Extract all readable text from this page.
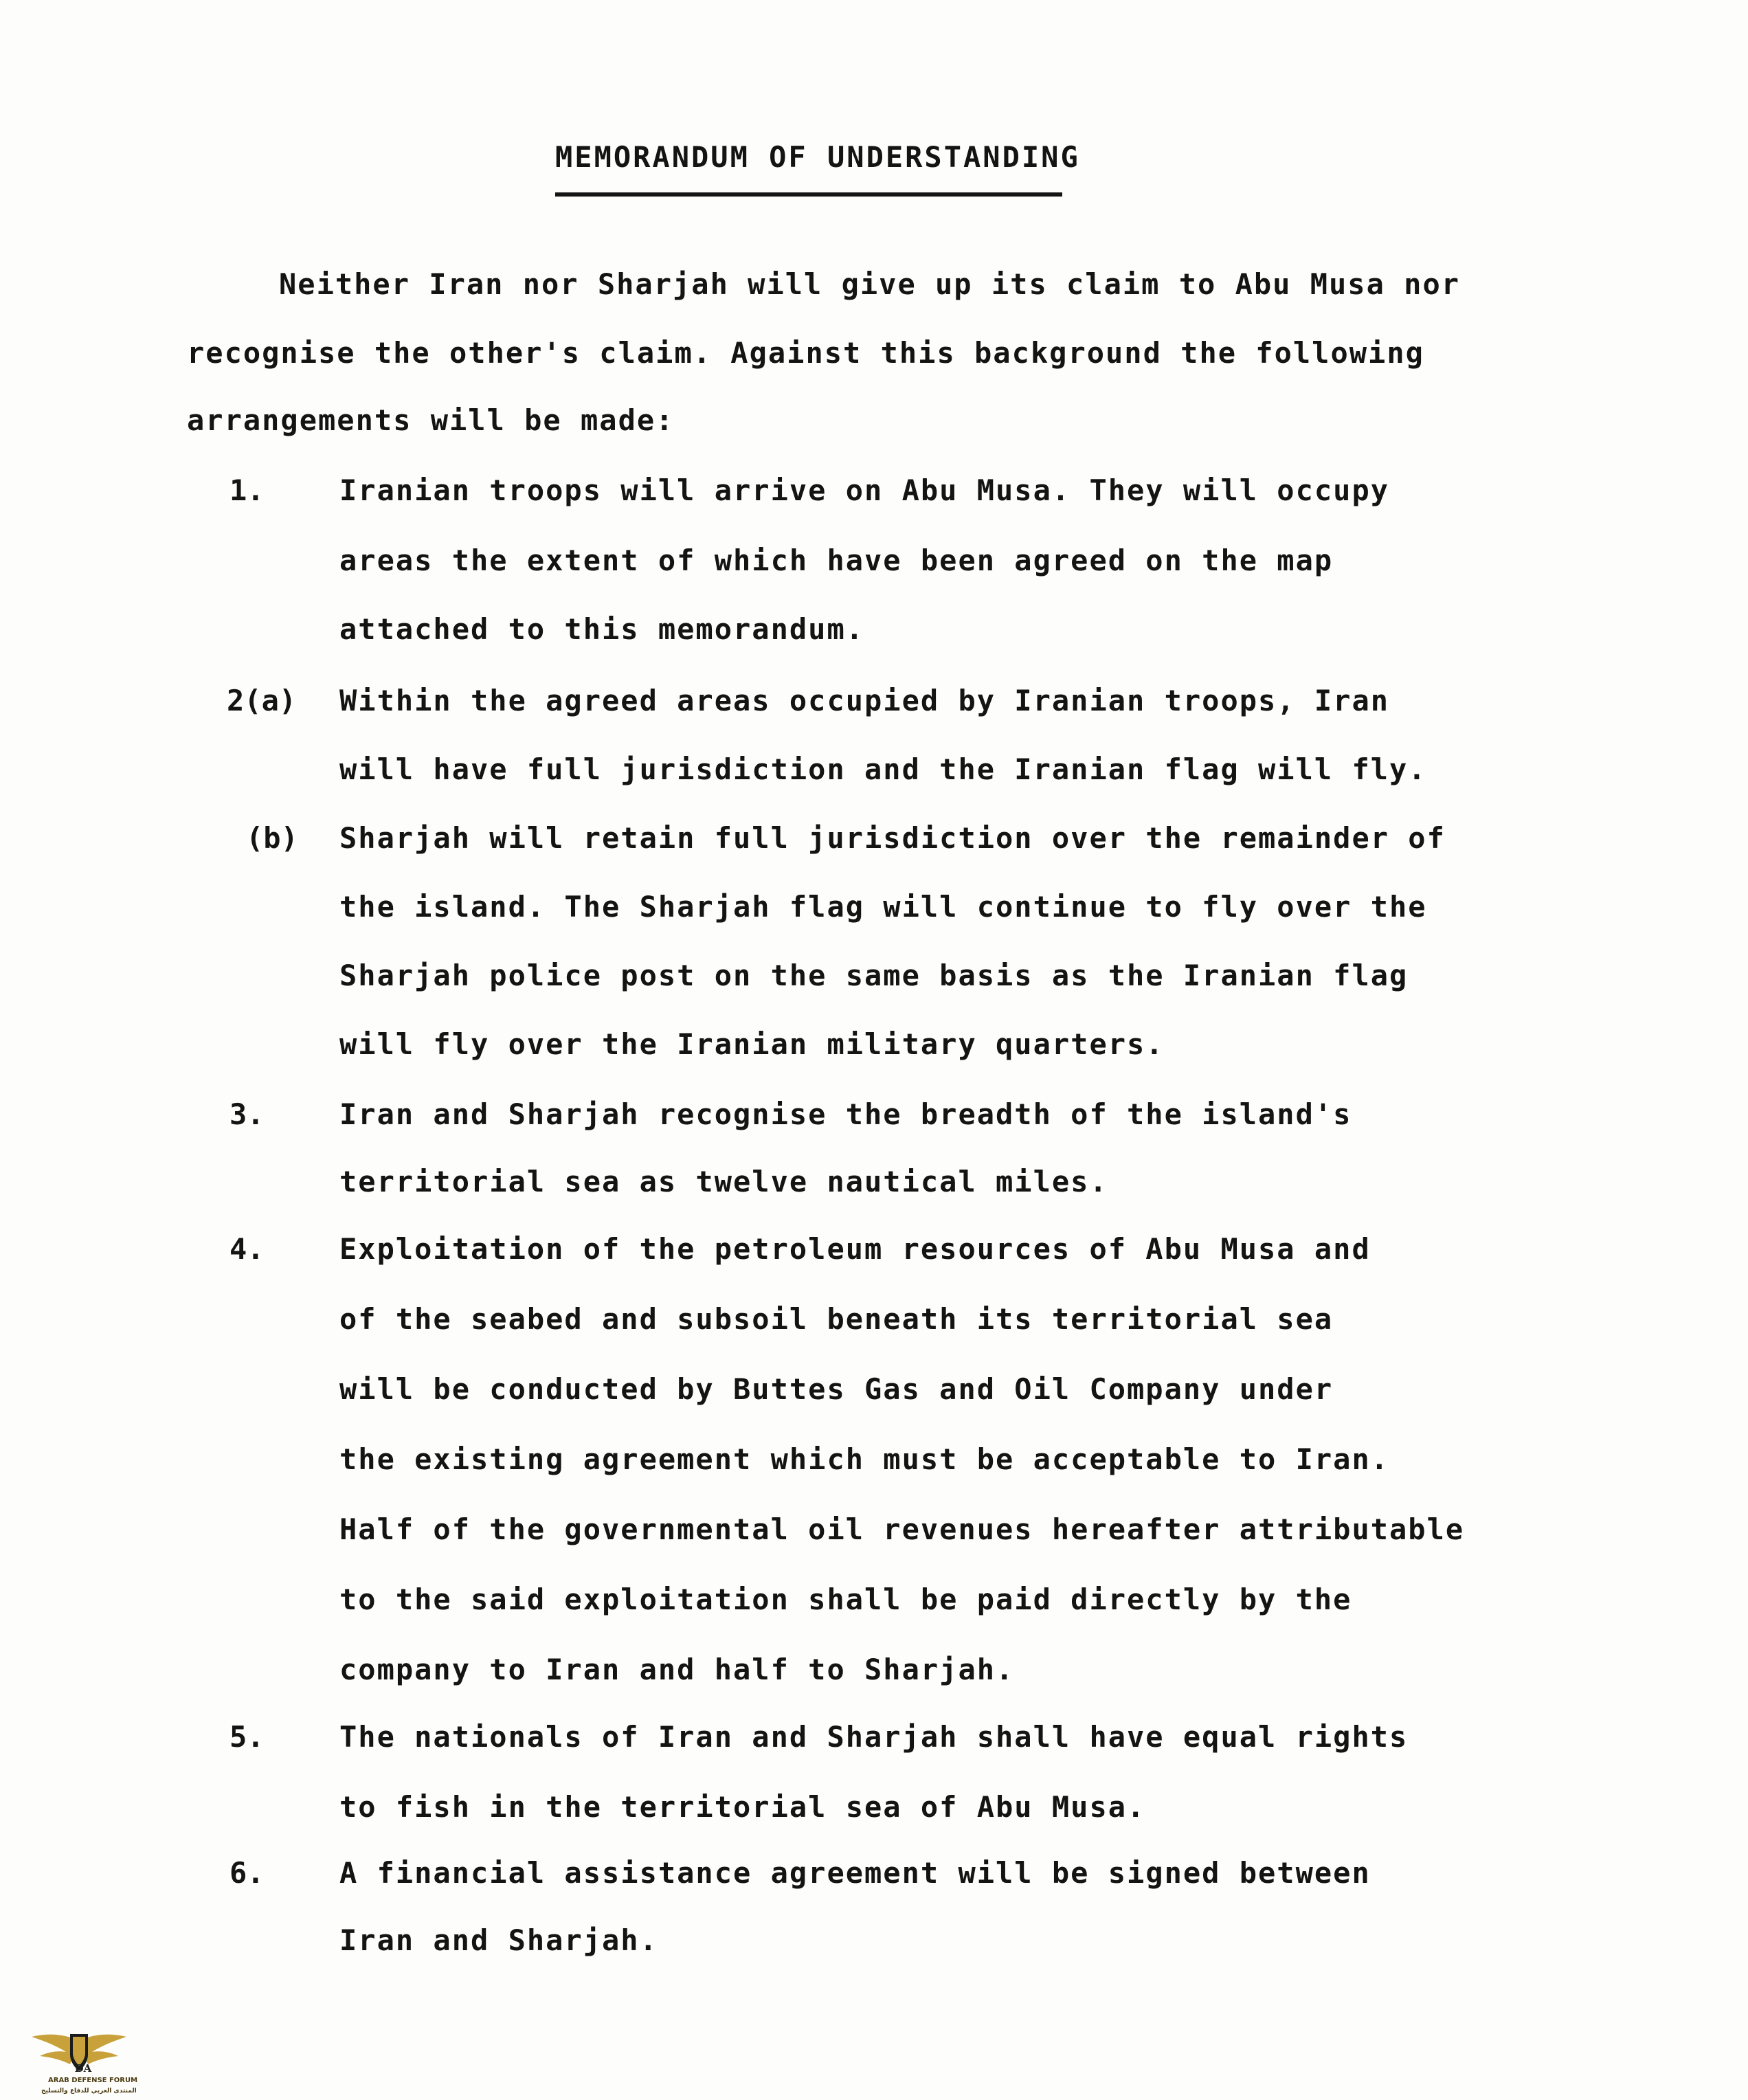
MEMORANDUM OF UNDERSTANDING
Neither Iran nor Sharjah will give up its claim to Abu Musa nor
recognise the other's claim. Against this background the following
arrangements will be made:
1.	Iranian troops will arrive on Abu Musa. They will occupy
areas the extent of which have been agreed on the map
attached to this memorandum.
2(a) Within the agreed areas occupied by Iranian troops, Iran
will have full jurisdiction and the Iranian flag will fly.
(b) Sharjah will retain full jurisdiction over the remainder of
the island. The Sharjah flag will continue to fly over the
Sharjah police post on the same basis as the Iranian flag
will fly over the Iranian military quarters.
3.	Iran and Sharjah recognise the breadth of the island's
territorial sea as twelve nautical miles.
4.	Exploitation of the petroleum resources of Abu Musa and
of the seabed and subsoil beneath its territorial sea
will be conducted by Buttes Gas and Oil Company under
the existing agreement which must be acceptable to Iran.
Half of the governmental oil revenues hereafter attributable
to the said exploitation shall be paid directly by the
company to Iran and half to Sharjah.
5.	The nationals of Iran and Sharjah shall have equal rights
to fish in the territorial sea of Abu Musa.
6.	A financial assistance agreement will be signed between
Iran and Sharjah.
DA
ARAB DEFENSE FORUM
المنتدى العربي للدفاع والتسليح
